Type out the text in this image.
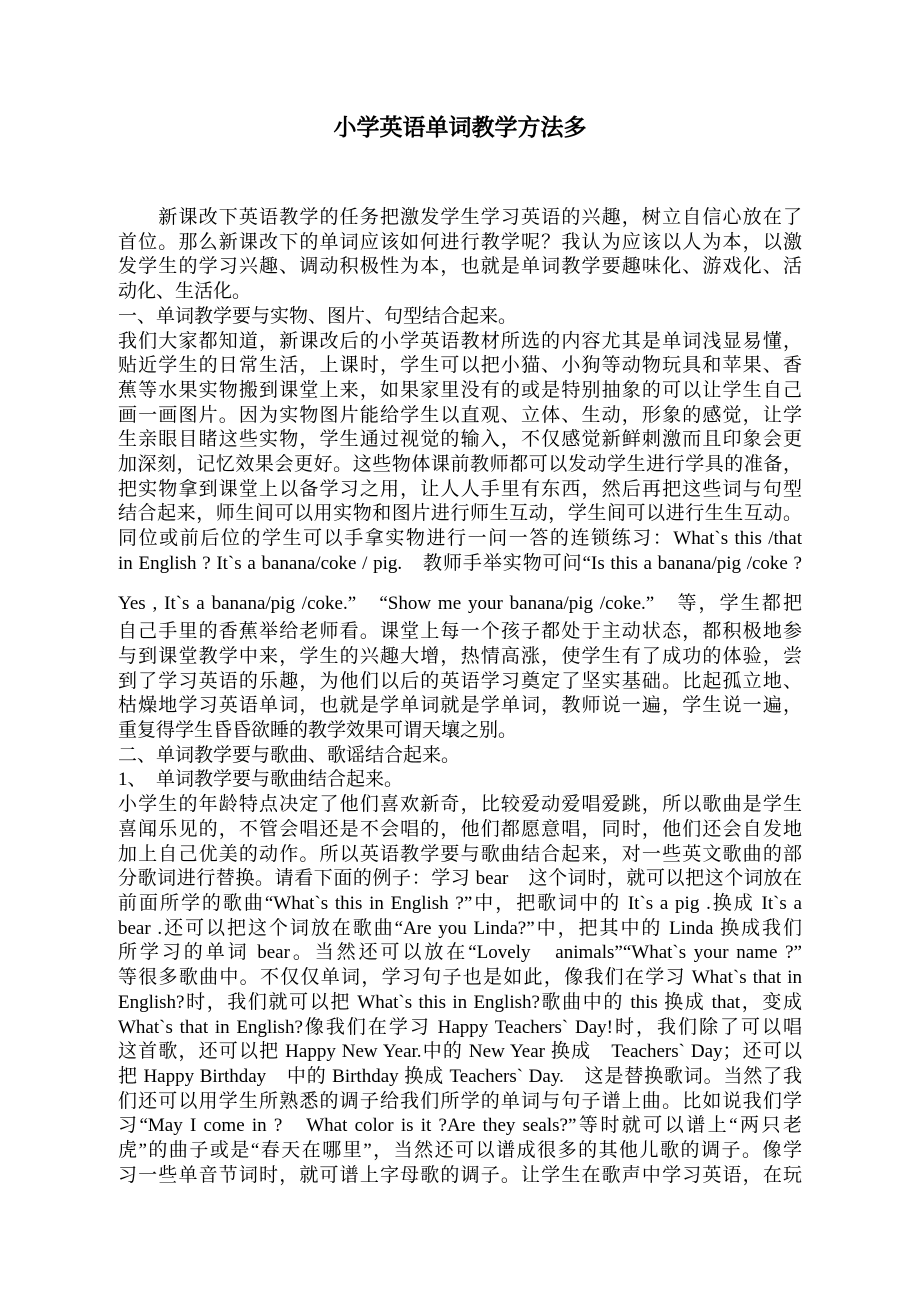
小学英语单词教学方法多
　　新课改下英语教学的任务把激发学生学习英语的兴趣，树立自信心放在了
首位。那么新课改下的单词应该如何进行教学呢？我认为应该以人为本，以激
发学生的学习兴趣、调动积极性为本，也就是单词教学要趣味化、游戏化、活
动化、生活化。
一、单词教学要与实物、图片、句型结合起来。
我们大家都知道，新课改后的小学英语教材所选的内容尤其是单词浅显易懂，
贴近学生的日常生活，上课时，学生可以把小猫、小狗等动物玩具和苹果、香
蕉等水果实物搬到课堂上来，如果家里没有的或是特别抽象的可以让学生自己
画一画图片。因为实物图片能给学生以直观、立体、生动，形象的感觉，让学
生亲眼目睹这些实物，学生通过视觉的输入，不仅感觉新鲜刺激而且印象会更
加深刻，记忆效果会更好。这些物体课前教师都可以发动学生进行学具的准备，
把实物拿到课堂上以备学习之用，让人人手里有东西，然后再把这些词与句型
结合起来，师生间可以用实物和图片进行师生互动，学生间可以进行生生互动。
同位或前后位的学生可以手拿实物进行一问一答的连锁练习：What`s this /that
in English ? It`s a banana/coke / pig.　教师手举实物可问“Is this a banana/pig /coke ?
Yes , It`s a banana/pig /coke.”　“Show me your banana/pig /coke.”　等，学生都把
自己手里的香蕉举给老师看。课堂上每一个孩子都处于主动状态，都积极地参
与到课堂教学中来，学生的兴趣大增，热情高涨，使学生有了成功的体验，尝
到了学习英语的乐趣，为他们以后的英语学习奠定了坚实基础。比起孤立地、
枯燥地学习英语单词，也就是学单词就是学单词，教师说一遍，学生说一遍，
重复得学生昏昏欲睡的教学效果可谓天壤之别。
二、单词教学要与歌曲、歌谣结合起来。
1、　单词教学要与歌曲结合起来。
小学生的年龄特点决定了他们喜欢新奇，比较爱动爱唱爱跳，所以歌曲是学生
喜闻乐见的，不管会唱还是不会唱的，他们都愿意唱，同时，他们还会自发地
加上自己优美的动作。所以英语教学要与歌曲结合起来，对一些英文歌曲的部
分歌词进行替换。请看下面的例子：学习 bear　这个词时，就可以把这个词放在
前面所学的歌曲“What`s this in English ?”中，把歌词中的 It`s a pig .换成 It`s a
bear .还可以把这个词放在歌曲“Are you Linda?”中，把其中的 Linda 换成我们
所学习的单词 bear。当然还可以放在“Lovely　animals”“What`s your name ?”
等很多歌曲中。不仅仅单词，学习句子也是如此，像我们在学习 What`s that in
English?时，我们就可以把 What`s this in English?歌曲中的 this 换成 that，变成
What`s that in English?像我们在学习 Happy Teachers` Day!时，我们除了可以唱
这首歌，还可以把 Happy New Year.中的 New Year 换成　Teachers` Day；还可以
把 Happy Birthday　中的 Birthday 换成 Teachers` Day.　这是替换歌词。当然了我
们还可以用学生所熟悉的调子给我们所学的单词与句子谱上曲。比如说我们学
习“May I come in ?　What color is it ?Are they seals?”等时就可以谱上“两只老
虎”的曲子或是“春天在哪里”，当然还可以谱成很多的其他儿歌的调子。像学
习一些单音节词时，就可谱上字母歌的调子。让学生在歌声中学习英语，在玩
